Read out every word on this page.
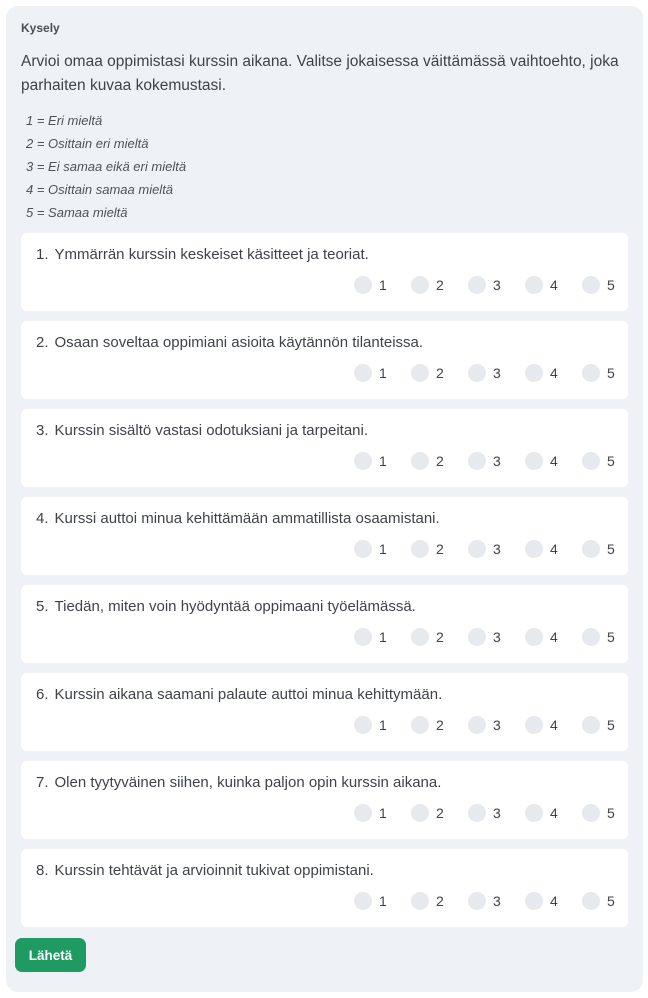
Kysely
Arvioi omaa oppimistasi kurssin aikana. Valitse jokaisessa väittämässä vaihtoehto, joka parhaiten kuvaa kokemustasi.
1 = Eri mieltä
2 = Osittain eri mieltä
3 = Ei samaa eikä eri mieltä
4 = Osittain samaa mieltä
5 = Samaa mieltä
1. Ymmärrän kurssin keskeiset käsitteet ja teoriat.
1	2	3	4	5
2. Osaan soveltaa oppimiani asioita käytännön tilanteissa.
1	2	3	4	5
3. Kurssin sisältö vastasi odotuksiani ja tarpeitani.
1	2	3	4	5
4. Kurssi auttoi minua kehittämään ammatillista osaamistani.
1	2	3	4	5
5. Tiedän, miten voin hyödyntää oppimaani työelämässä.
1	2	3	4	5
6. Kurssin aikana saamani palaute auttoi minua kehittymään.
1	2	3	4	5
7. Olen tyytyväinen siihen, kuinka paljon opin kurssin aikana.
1	2	3	4	5
8. Kurssin tehtävät ja arvioinnit tukivat oppimistani.
1	2	3	4	5
Lähetä
